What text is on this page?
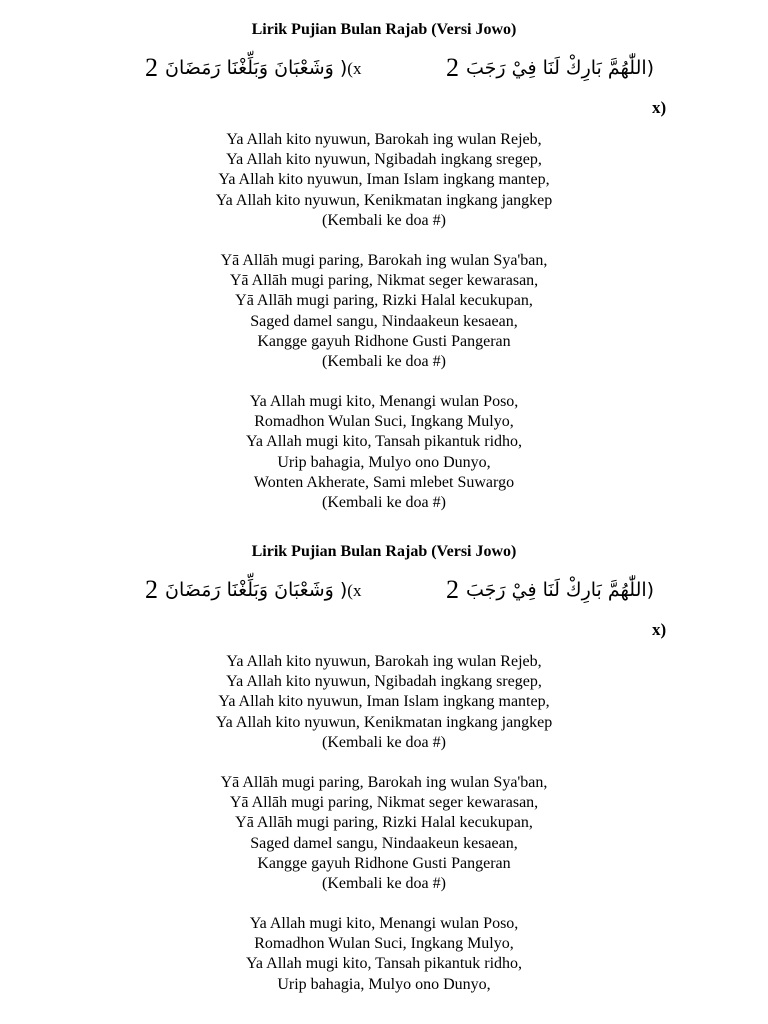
Lirik Pujian Bulan Rajab (Versi Jowo)
2 وَشَعْبَانَ وَبَلِّغْنَا رَمَضَانَ )(x	2 اللّٰهُمَّ بَارِكْ لَنَا فِيْ رَجَبَ)
x)
Ya Allah kito nyuwun, Barokah ing wulan Rejeb,
Ya Allah kito nyuwun, Ngibadah ingkang sregep,
Ya Allah kito nyuwun, Iman Islam ingkang mantep,
Ya Allah kito nyuwun, Kenikmatan ingkang jangkep
(Kembali ke doa #)
Yā Allāh mugi paring, Barokah ing wulan Sya'ban,
Yā Allāh mugi paring, Nikmat seger kewarasan,
Yā Allāh mugi paring, Rizki Halal kecukupan,
Saged damel sangu, Nindaakeun kesaean,
Kangge gayuh Ridhone Gusti Pangeran
(Kembali ke doa #)
Ya Allah mugi kito, Menangi wulan Poso,
Romadhon Wulan Suci, Ingkang Mulyo,
Ya Allah mugi kito, Tansah pikantuk ridho,
Urip bahagia, Mulyo ono Dunyo,
Wonten Akherate, Sami mlebet Suwargo
(Kembali ke doa #)
Lirik Pujian Bulan Rajab (Versi Jowo)
2 وَشَعْبَانَ وَبَلِّغْنَا رَمَضَانَ )(x	2 اللّٰهُمَّ بَارِكْ لَنَا فِيْ رَجَبَ)
x)
Ya Allah kito nyuwun, Barokah ing wulan Rejeb,
Ya Allah kito nyuwun, Ngibadah ingkang sregep,
Ya Allah kito nyuwun, Iman Islam ingkang mantep,
Ya Allah kito nyuwun, Kenikmatan ingkang jangkep
(Kembali ke doa #)
Yā Allāh mugi paring, Barokah ing wulan Sya'ban,
Yā Allāh mugi paring, Nikmat seger kewarasan,
Yā Allāh mugi paring, Rizki Halal kecukupan,
Saged damel sangu, Nindaakeun kesaean,
Kangge gayuh Ridhone Gusti Pangeran
(Kembali ke doa #)
Ya Allah mugi kito, Menangi wulan Poso,
Romadhon Wulan Suci, Ingkang Mulyo,
Ya Allah mugi kito, Tansah pikantuk ridho,
Urip bahagia, Mulyo ono Dunyo,
